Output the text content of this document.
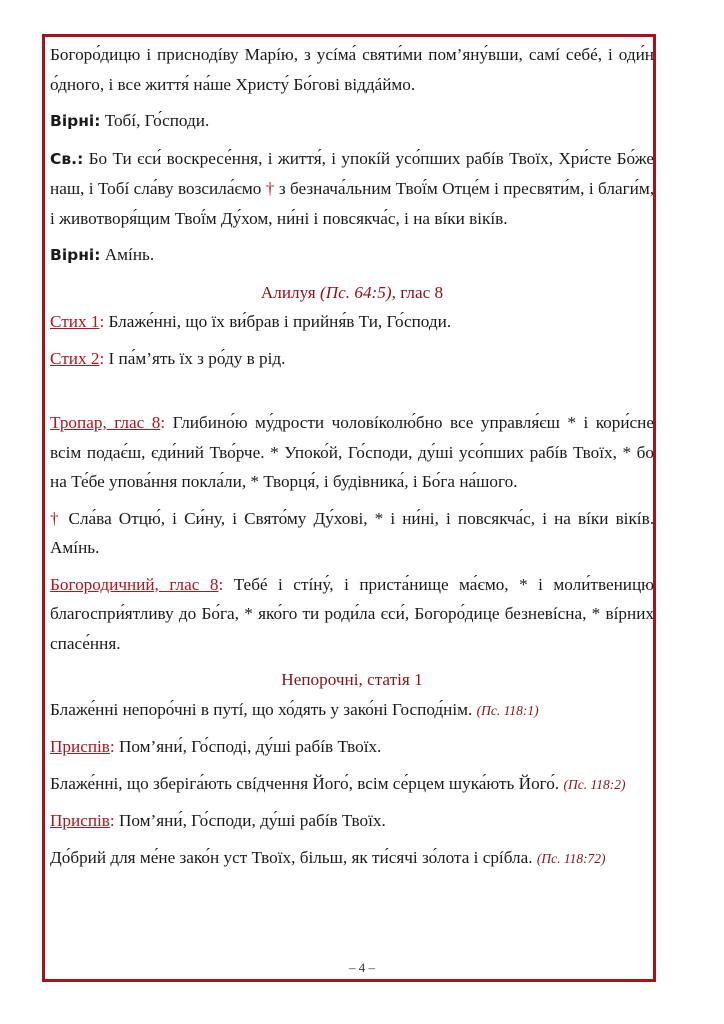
Богоро́дицю і приснодíву Марíю, з усíма́ святи́ми пом’яну́вши, самí себé, і оди́н о́дного, і все життя́ на́ше Христу́ Бо́гові віддáймо.

Вірні: Тобí, Го́споди.

Св.: Бо Ти єси́ воскресе́ння, і життя́, і упокíй усо́пших рабíв Твоїх, Хри́сте Бо́же наш, і Тобí сла́ву возсила́ємо † з безнача́льним Твої́м Отце́м і пресвяти́м, і благи́м, і животворя́щим Твої́м Ду́хом, ни́ні і повсякча́с, і на вíки вікíв.

Вірні: Амíнь.

Алилуя (Пс. 64:5), глас 8

Стих 1: Блаже́нні, що їх ви́брав і прийня́в Ти, Го́споди.

Стих 2: І па́м’ять їх з ро́ду в рід.

Тропар, глас 8: Глибино́ю му́дрости чоловíколю́бно все управля́єш * і кори́сне всім подає́ш, єди́ний Тво́рче. * Упоко́й, Го́споди, ду́ші усо́пших рабíв Твоїх, * бо на Те́бе упова́ння покла́ли, * Творця́, і будівника́, і Бо́га на́шого.

† Сла́ва Отцю́, і Си́ну, і Свято́му Ду́хові, * і ни́ні, і повсякча́с, і на вíки вікíв. Амíнь.

Богородичний, глас 8: Тебé і стíну́, і приста́нище ма́ємо, * і моли́твеницю благоспри́ятливу до Бо́га, * яко́го ти роди́ла єси́, Богоро́дице безневíсна, * вíрних спасе́ння.

Непорочні, статія 1

Блаже́нні непоро́чні в путí, що хо́дять у зако́ні Господ́нім. (Пс. 118:1)

Приспів: Пом’яни́, Го́сподi, ду́ші рабíв Твоїх.

Блаже́нні, що зберіга́ють свíдчення Його́, всім се́рцем шука́ють Його́. (Пс. 118:2)

Приспів: Пом’яни́, Го́споди, ду́ші рабíв Твоїх.

До́брий для ме́не зако́н уст Твоїх, більш, як ти́сячі зо́лота і срíбла. (Пс. 118:72)

– 4 –
